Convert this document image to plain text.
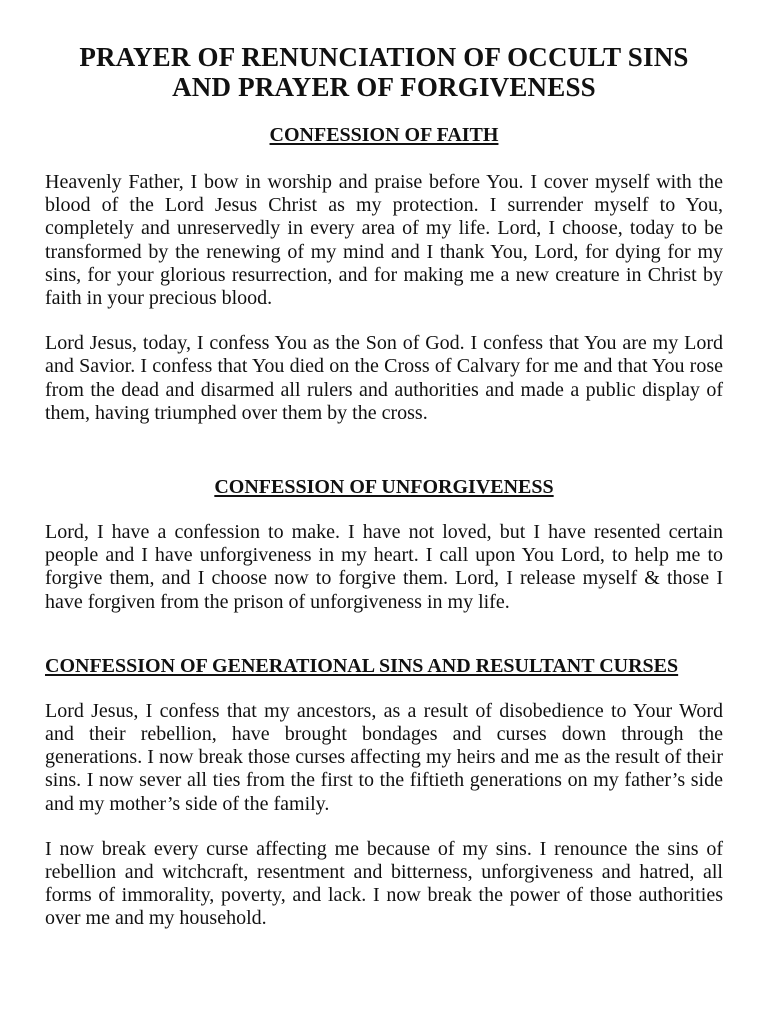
PRAYER OF RENUNCIATION OF OCCULT SINS
AND PRAYER OF FORGIVENESS
CONFESSION OF FAITH

Heavenly Father, I bow in worship and praise before You. I cover myself with the blood of the Lord Jesus Christ as my protection. I surrender myself to You, completely and unreservedly in every area of my life. Lord, I choose, today to be transformed by the renewing of my mind and I thank You, Lord, for dying for my sins, for your glorious resurrection, and for making me a new creature in Christ by faith in your precious blood.

Lord Jesus, today, I confess You as the Son of God. I confess that You are my Lord and Savior. I confess that You died on the Cross of Calvary for me and that You rose from the dead and disarmed all rulers and authorities and made a public display of them, having triumphed over them by the cross.

CONFESSION OF UNFORGIVENESS

Lord, I have a confession to make. I have not loved, but I have resented certain people and I have unforgiveness in my heart. I call upon You Lord, to help me to forgive them, and I choose now to forgive them. Lord, I release myself & those I have forgiven from the prison of unforgiveness in my life.

CONFESSION OF GENERATIONAL SINS AND RESULTANT CURSES

Lord Jesus, I confess that my ancestors, as a result of disobedience to Your Word and their rebellion, have brought bondages and curses down through the generations. I now break those curses affecting my heirs and me as the result of their sins. I now sever all ties from the first to the fiftieth generations on my father’s side and my mother’s side of the family.

I now break every curse affecting me because of my sins. I renounce the sins of rebellion and witchcraft, resentment and bitterness, unforgiveness and hatred, all forms of immorality, poverty, and lack. I now break the power of those authorities over me and my household.
